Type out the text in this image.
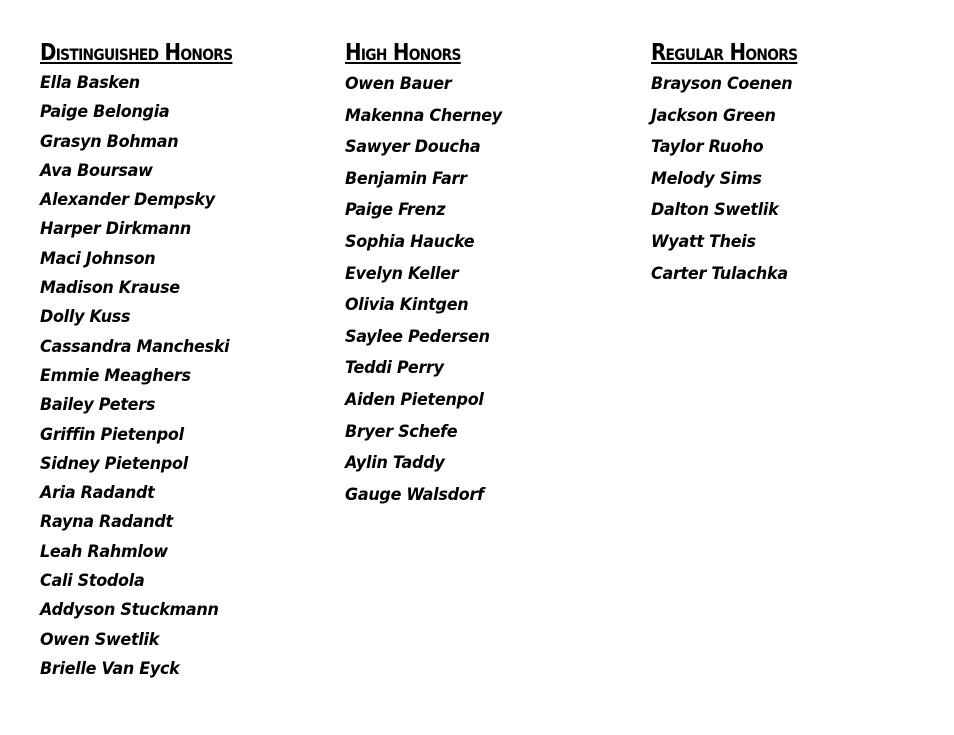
Distinguished Honors
Ella Basken
Paige Belongia
Grasyn Bohman
Ava Boursaw
Alexander Dempsky
Harper Dirkmann
Maci Johnson
Madison Krause
Dolly Kuss
Cassandra Mancheski
Emmie Meaghers
Bailey Peters
Griffin Pietenpol
Sidney Pietenpol
Aria Radandt
Rayna Radandt
Leah Rahmlow
Cali Stodola
Addyson Stuckmann
Owen Swetlik
Brielle Van Eyck
High Honors
Owen Bauer
Makenna Cherney
Sawyer Doucha
Benjamin Farr
Paige Frenz
Sophia Haucke
Evelyn Keller
Olivia Kintgen
Saylee Pedersen
Teddi Perry
Aiden Pietenpol
Bryer Schefe
Aylin Taddy
Gauge Walsdorf
Regular Honors
Brayson Coenen
Jackson Green
Taylor Ruoho
Melody Sims
Dalton Swetlik
Wyatt Theis
Carter Tulachka
